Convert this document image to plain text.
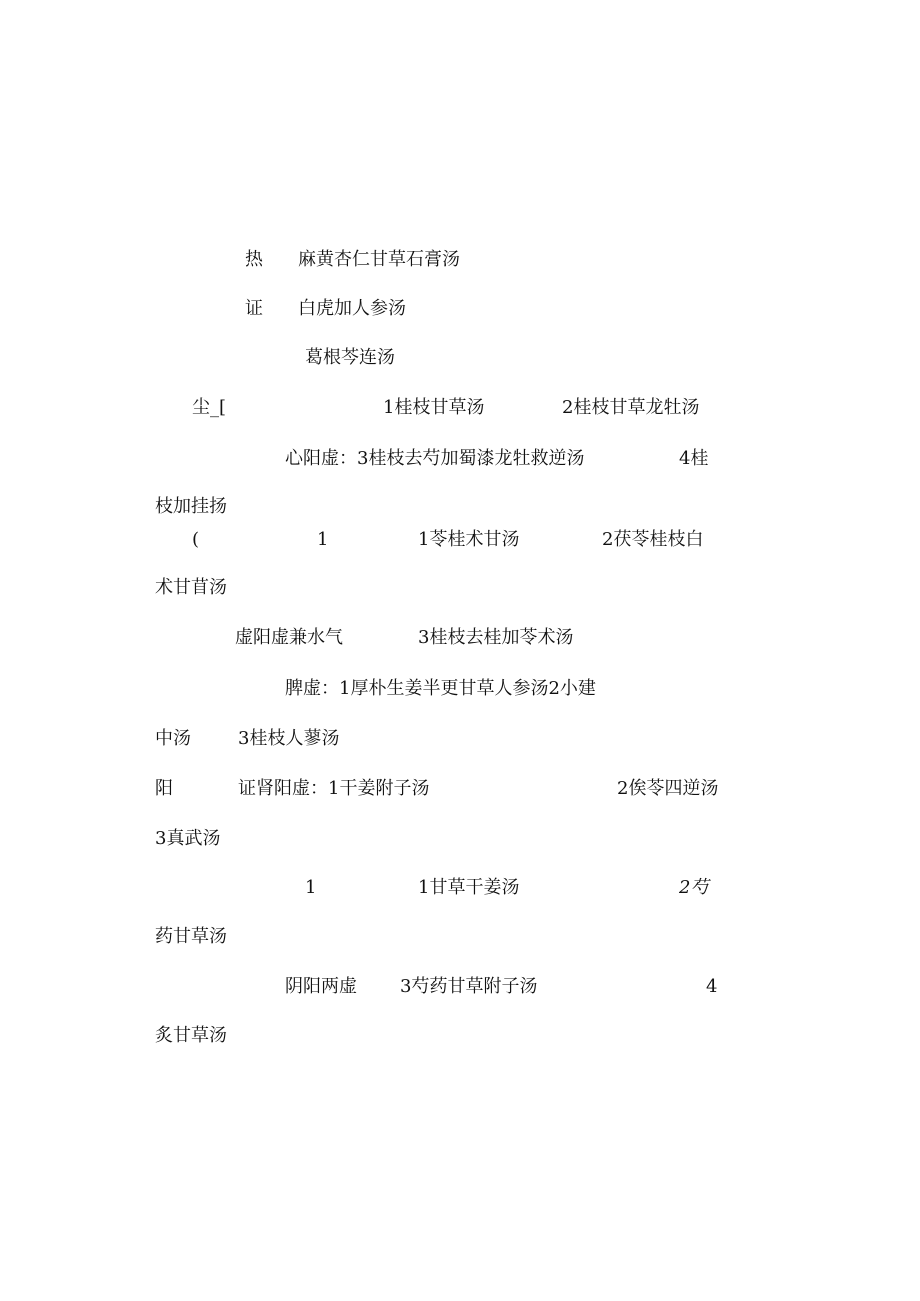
热 麻黄杏仁甘草石膏汤
证 白虎加人参汤
葛根芩连汤
尘_[	1桂枝甘草汤	2桂枝甘草龙牡汤
心阳虚：3桂枝去芍加蜀漆龙牡救逆汤	4桂
枝加挂扬
(	1	1苓桂术甘汤	2茯苓桂枝白
术甘苜汤
虚阳虚兼水气	3桂枝去桂加苓术汤
脾虚：1厚朴生姜半更甘草人参汤2小建
中汤	3桂枝人蓼汤
阳	证肾阳虚：1干姜附子汤	2俟苓四逆汤
3真武汤
1	1甘草干姜汤	2芍
药甘草汤
阴阳两虚 3芍药甘草附子汤	4
炙甘草汤
